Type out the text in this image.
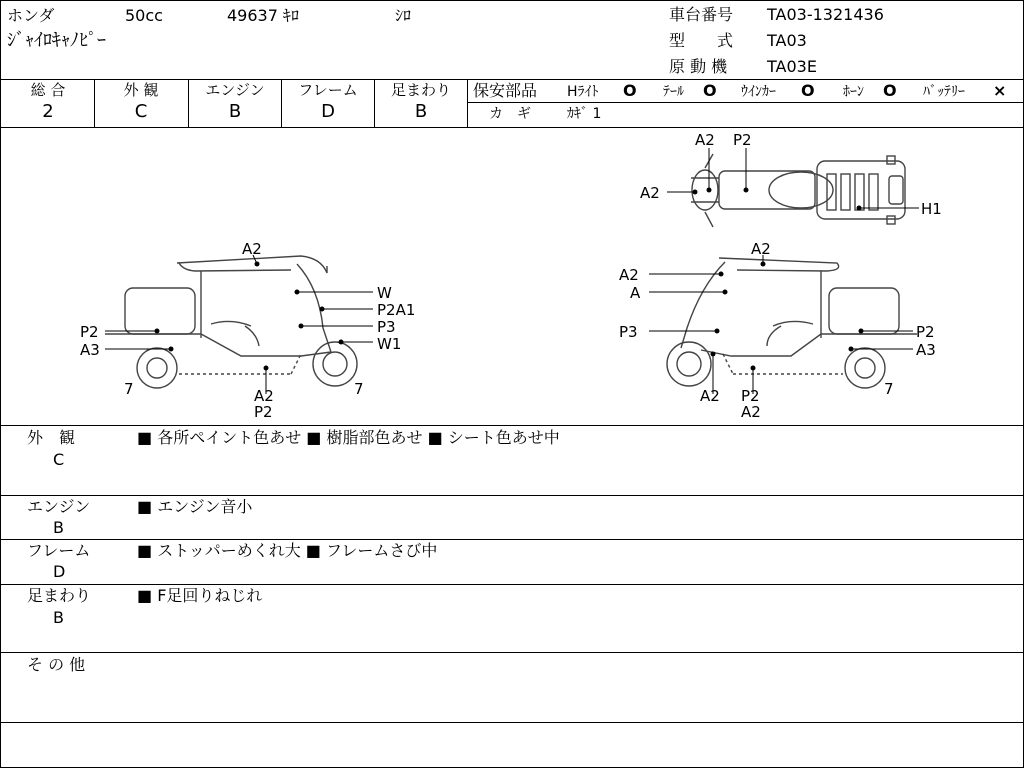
ホンダ	50cc	49637 ｷﾛ	ｼﾛ
ｼﾞｬｲﾛｷｬﾉﾋﾟｰ
車台番号 TA03-1321436
型　　式 TA03
原 動 機 TA03E
総 合
2
外 観
C
エンジン
B
フレーム
D
足まわり
B
保安部品 Hﾗｲﾄ O ﾃｰﾙ O ｳｲﾝｶｰ O ﾎｰﾝ O ﾊﾞｯﾃﾘｰ ×
カ　ギ	ｶｷﾞ 1
A2 P2
A2
H1
A2
W
P2A1
P3
W1
P2
A3
7	7
A2
P2
A2
A2
A
P3	P2
A3
7
A2 P2
A2
外　観
C
■ 各所ペイント色あせ ■ 樹脂部色あせ ■ シート色あせ中
エンジン
B
■ エンジン音小
フレーム
D
■ ストッパーめくれ大 ■ フレームさび中
足まわり
B
■ F足回りねじれ
そ の 他
